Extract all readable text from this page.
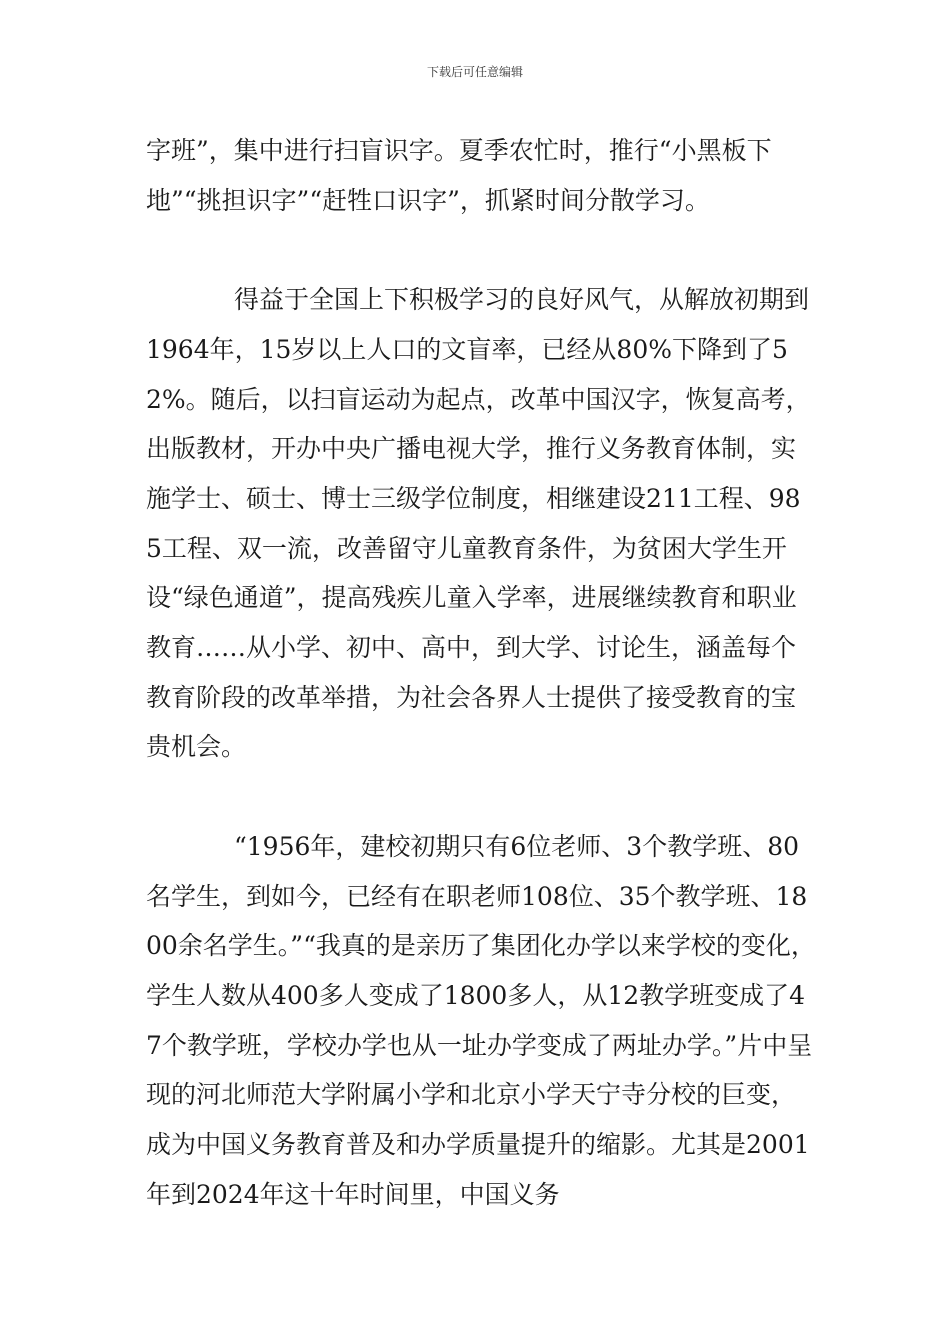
下载后可任意编辑

字班”，集中进行扫盲识字。夏季农忙时，推行“小黑板下地”“挑担识字”“赶牲口识字”，抓紧时间分散学习。

得益于全国上下积极学习的良好风气，从解放初期到1964年，15岁以上人口的文盲率，已经从80%下降到了52%。随后，以扫盲运动为起点，改革中国汉字，恢复高考，出版教材，开办中央广播电视大学，推行义务教育体制，实施学士、硕士、博士三级学位制度，相继建设211工程、985工程、双一流，改善留守儿童教育条件，为贫困大学生开设“绿色通道”，提高残疾儿童入学率，进展继续教育和职业教育……从小学、初中、高中，到大学、讨论生，涵盖每个教育阶段的改革举措，为社会各界人士提供了接受教育的宝贵机会。

“1956年，建校初期只有6位老师、3个教学班、80名学生，到如今，已经有在职老师108位、35个教学班、1800余名学生。”“我真的是亲历了集团化办学以来学校的变化，学生人数从400多人变成了1800多人，从12教学班变成了47个教学班，学校办学也从一址办学变成了两址办学。”片中呈现的河北师范大学附属小学和北京小学天宁寺分校的巨变，成为中国义务教育普及和办学质量提升的缩影。尤其是2001年到2024年这十年时间里，中国义务
